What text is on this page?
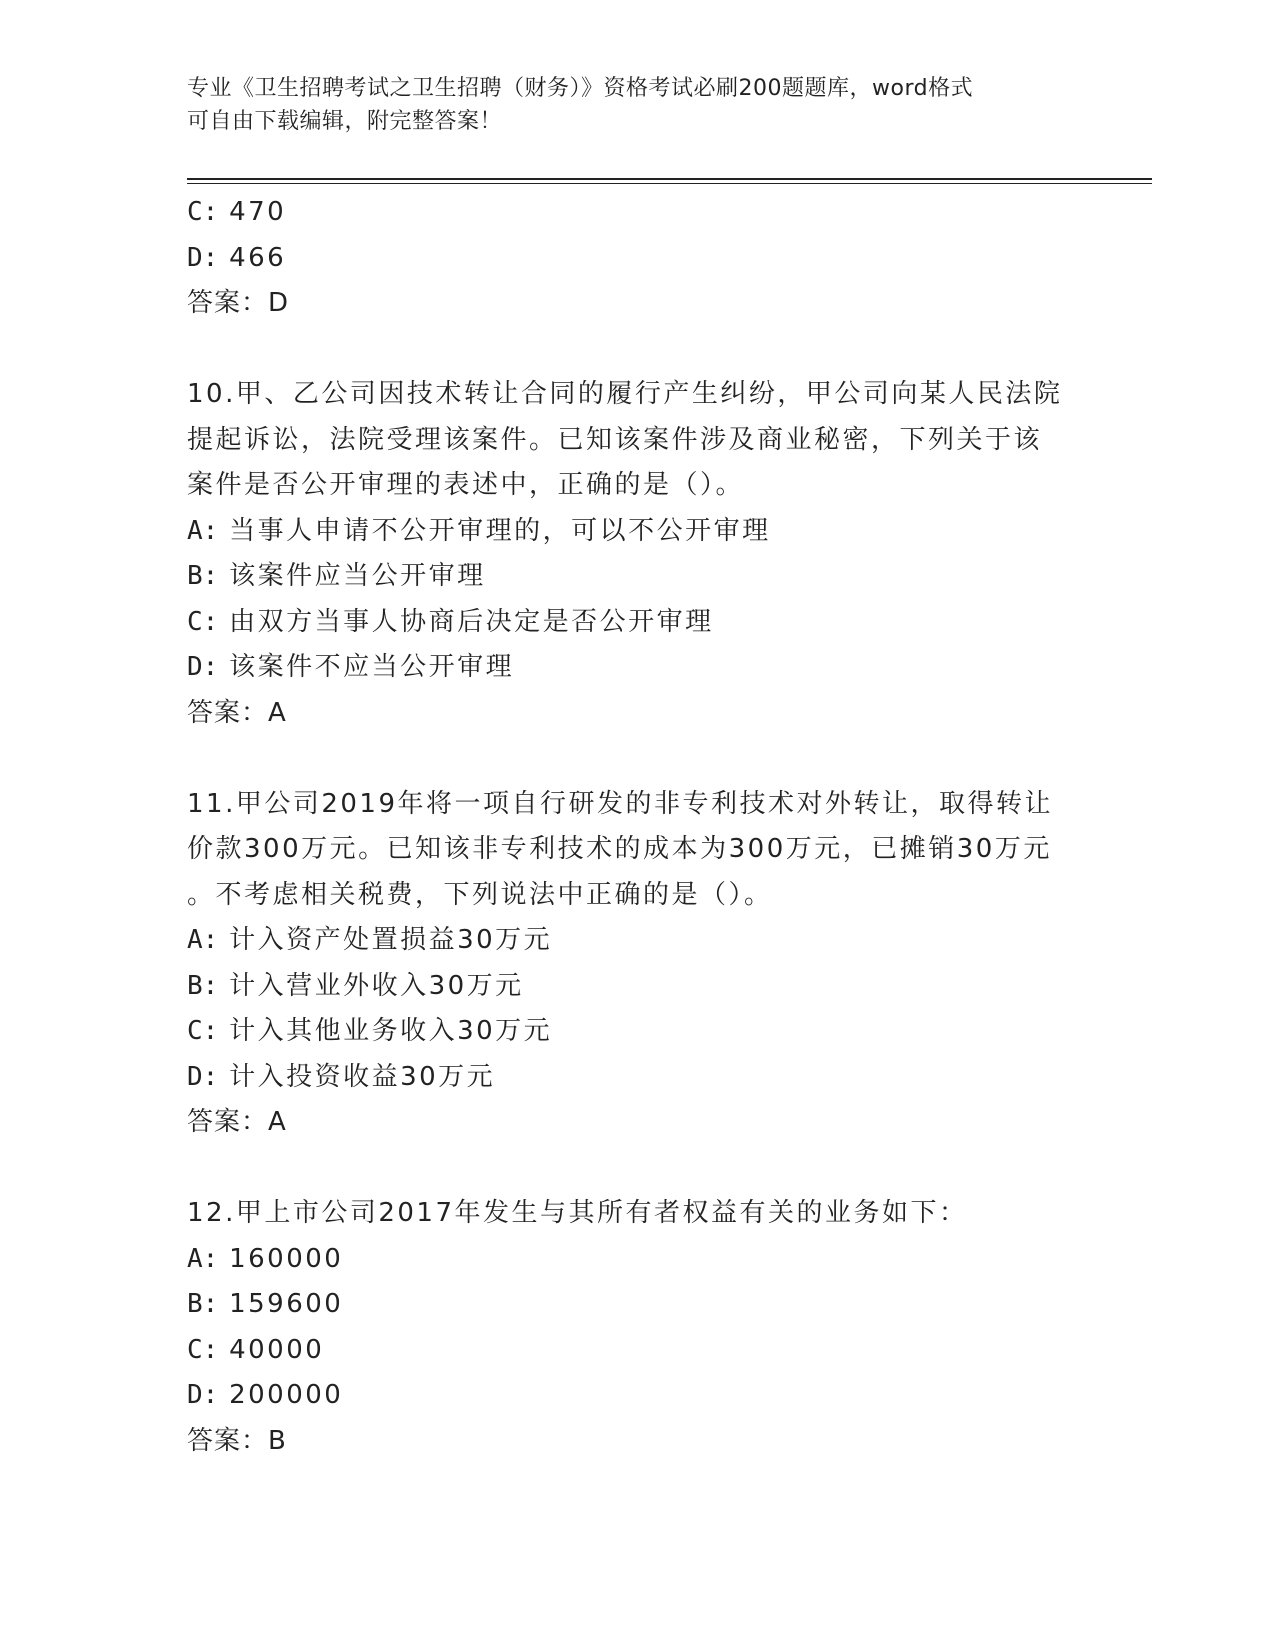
专业《卫生招聘考试之卫生招聘（财务）》资格考试必刷200题题库，word格式
可自由下载编辑，附完整答案！
C: 470
D: 466
答案：D
10.甲、乙公司因技术转让合同的履行产生纠纷，甲公司向某人民法院
提起诉讼，法院受理该案件。已知该案件涉及商业秘密，下列关于该
案件是否公开审理的表述中，正确的是（）。
A: 当事人申请不公开审理的，可以不公开审理
B: 该案件应当公开审理
C: 由双方当事人协商后决定是否公开审理
D: 该案件不应当公开审理
答案：A
11.甲公司2019年将一项自行研发的非专利技术对外转让，取得转让
价款300万元。已知该非专利技术的成本为300万元，已摊销30万元
。不考虑相关税费，下列说法中正确的是（）。
A: 计入资产处置损益30万元
B: 计入营业外收入30万元
C: 计入其他业务收入30万元
D: 计入投资收益30万元
答案：A
12.甲上市公司2017年发生与其所有者权益有关的业务如下：
A: 160000
B: 159600
C: 40000
D: 200000
答案：B
